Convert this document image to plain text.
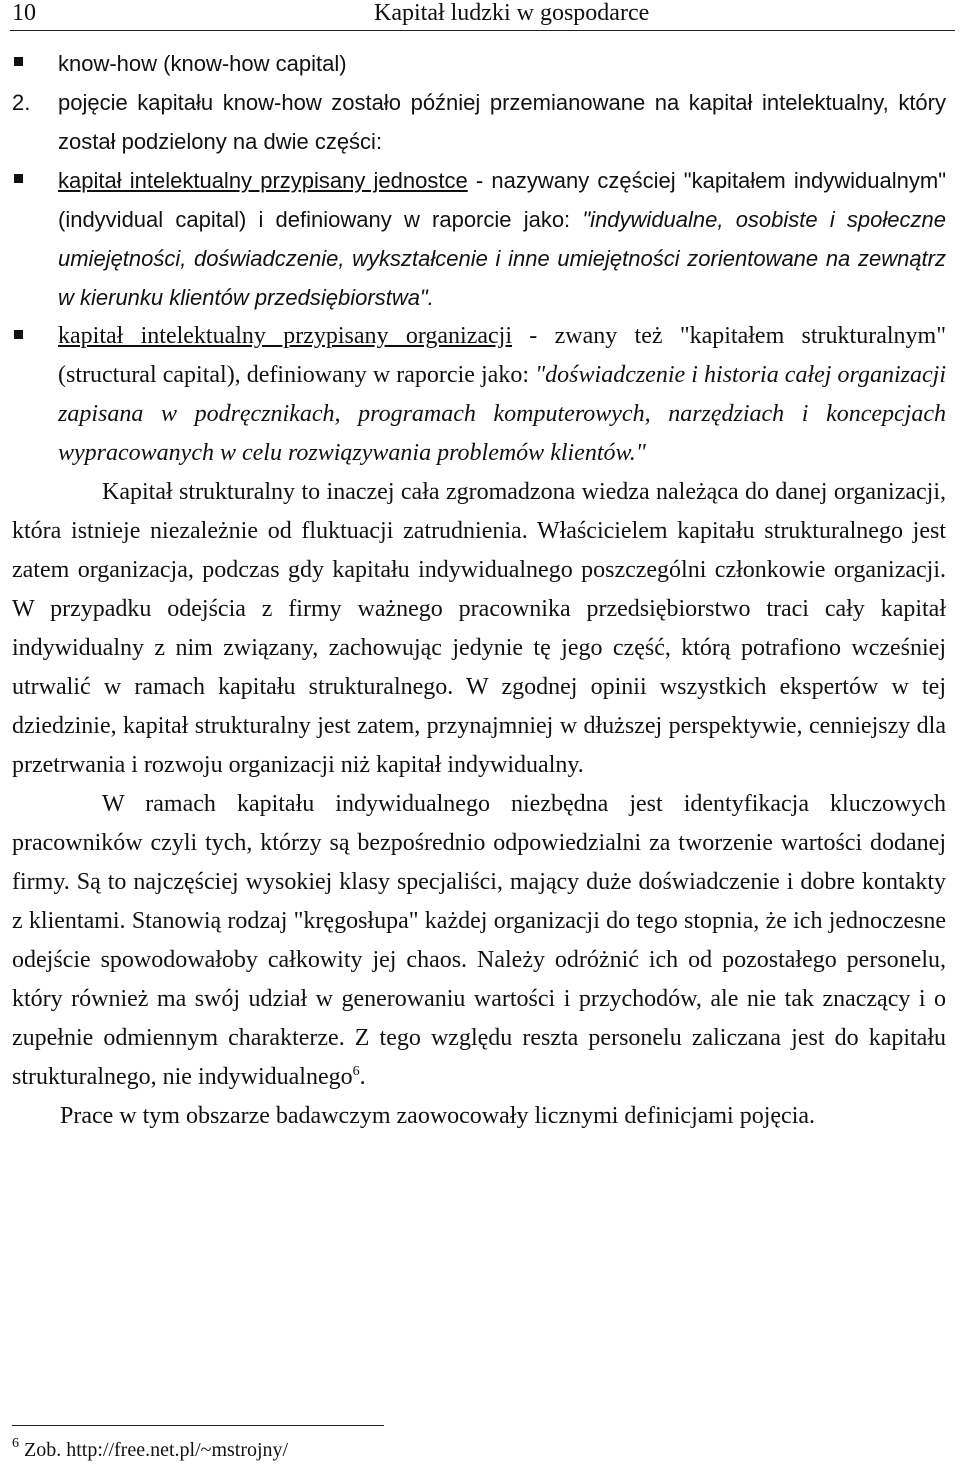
10	Kapitał ludzki w gospodarce
know-how (know-how capital)

2. pojęcie kapitału know-how zostało później przemianowane na kapitał intelektualny, który został podzielony na dwie części:

kapitał intelektualny przypisany jednostce - nazywany częściej "kapitałem indywidualnym" (indyvidual capital) i definiowany w raporcie jako: "indywidualne, osobiste i społeczne umiejętności, doświadczenie, wykształcenie i inne umiejętności zorientowane na zewnątrz w kierunku klientów przedsiębiorstwa".

kapitał intelektualny przypisany organizacji - zwany też "kapitałem strukturalnym" (structural capital), definiowany w raporcie jako: "doświadczenie i historia całej organizacji zapisana w podręcznikach, programach komputerowych, narzędziach i koncepcjach wypracowanych w celu rozwiązywania problemów klientów."

Kapitał strukturalny to inaczej cała zgromadzona wiedza należąca do danej organizacji, która istnieje niezależnie od fluktuacji zatrudnienia. Właścicielem kapitału strukturalnego jest zatem organizacja, podczas gdy kapitału indywidualnego poszczególni członkowie organizacji. W przypadku odejścia z firmy ważnego pracownika przedsiębiorstwo traci cały kapitał indywidualny z nim związany, zachowując jedynie tę jego część, którą potrafiono wcześniej utrwalić w ramach kapitału strukturalnego. W zgodnej opinii wszystkich ekspertów w tej dziedzinie, kapitał strukturalny jest zatem, przynajmniej w dłuższej perspektywie, cenniejszy dla przetrwania i rozwoju organizacji niż kapitał indywidualny.

W ramach kapitału indywidualnego niezbędna jest identyfikacja kluczowych pracowników czyli tych, którzy są bezpośrednio odpowiedzialni za tworzenie wartości dodanej firmy. Są to najczęściej wysokiej klasy specjaliści, mający duże doświadczenie i dobre kontakty z klientami. Stanowią rodzaj "kręgosłupa" każdej organizacji do tego stopnia, że ich jednoczesne odejście spowodowałoby całkowity jej chaos. Należy odróżnić ich od pozostałego personelu, który również ma swój udział w generowaniu wartości i przychodów, ale nie tak znaczący i o zupełnie odmiennym charakterze. Z tego względu reszta personelu zaliczana jest do kapitału strukturalnego, nie indywidualnego$^6$.

Prace w tym obszarze badawczym zaowocowały licznymi definicjami pojęcia.

$^6$ Zob. http://free.net.pl/~mstrojny/
